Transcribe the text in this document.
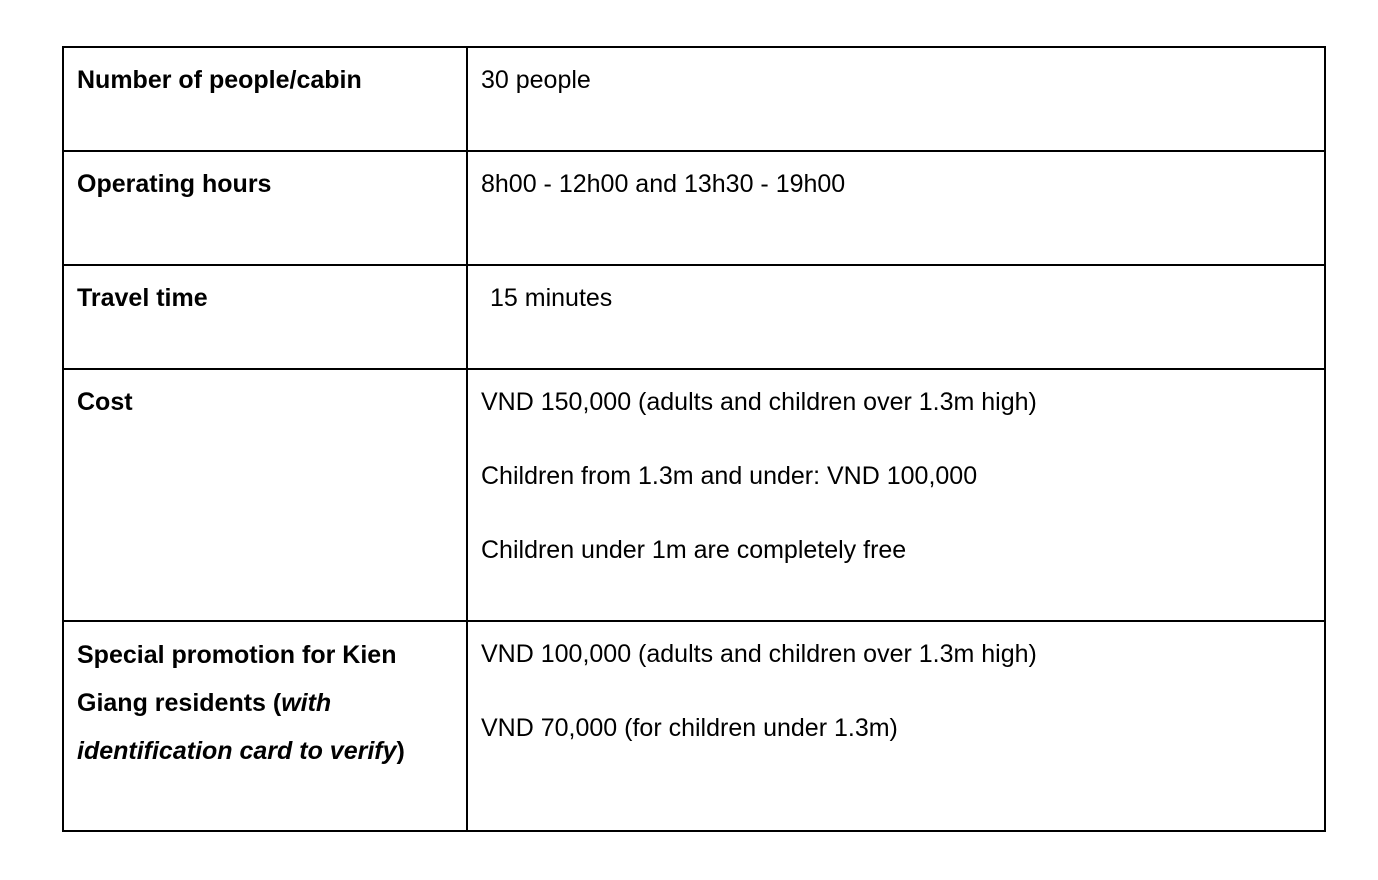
Number of people/cabin	30 people

Operating hours	8h00 - 12h00 and 13h30 - 19h00

Travel time	15 minutes

Cost	VND 150,000 (adults and children over 1.3m high)
Children from 1.3m and under: VND 100,000
Children under 1m are completely free

Special promotion for Kien Giang residents (with identification card to verify)	VND 100,000 (adults and children over 1.3m high)
VND 70,000 (for children under 1.3m)
